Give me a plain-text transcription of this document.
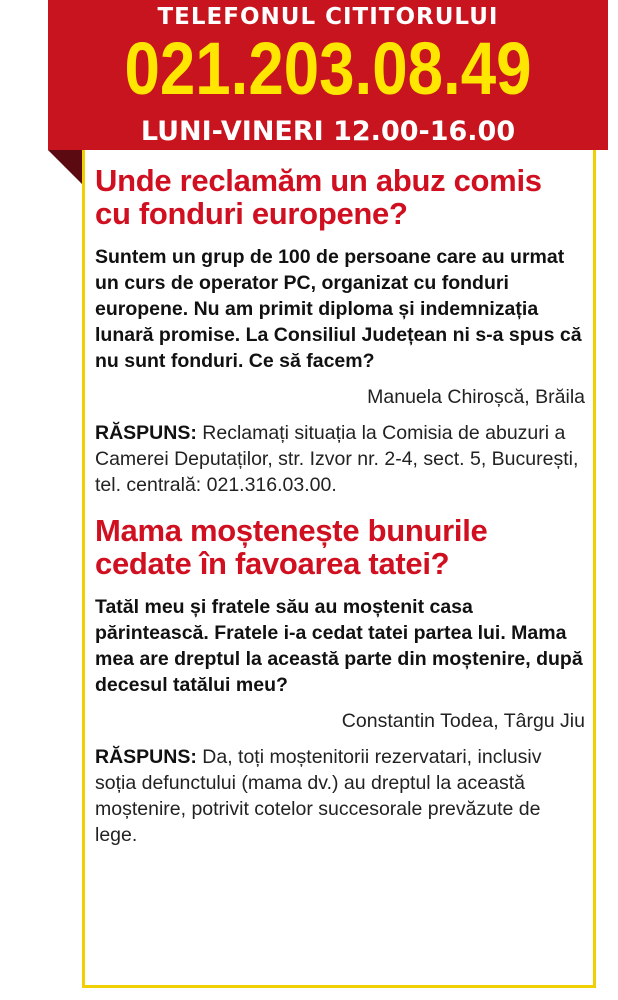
TELEFONUL CITITORULUI
021.203.08.49
LUNI-VINERI 12.00-16.00
Unde reclamăm un abuz comis cu fonduri europene?

Suntem un grup de 100 de persoane care au urmat un curs de operator PC, organizat cu fonduri europene. Nu am primit diploma și indemnizația lunară promise. La Consiliul Județean ni s-a spus că nu sunt fonduri. Ce să facem?

Manuela Chiroșcă, Brăila

RĂSPUNS: Reclamați situația la Comisia de abuzuri a Camerei Deputaților, str. Izvor nr. 2-4, sect. 5, București, tel. centrală: 021.316.03.00.

Mama moștenește bunurile cedate în favoarea tatei?

Tatăl meu și fratele său au moștenit casa părintească. Fratele i-a cedat tatei partea lui. Mama mea are dreptul la această parte din moștenire, după decesul tatălui meu?

Constantin Todea, Târgu Jiu

RĂSPUNS: Da, toți moștenitorii rezervatari, inclusiv soția defunctului (mama dv.) au dreptul la această moștenire, potrivit cotelor succesorale prevăzute de lege.
